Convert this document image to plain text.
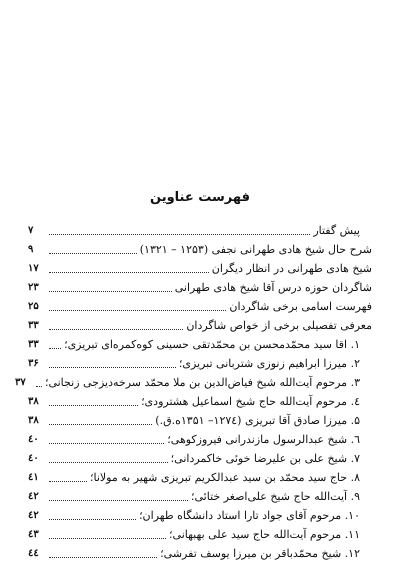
فهرست عناوین
پیش گفتار
۷
شرح حال شیخ هادی طهرانی نجفی (۱۲۵۳ – ۱۳۲۱)
۹
شیخ هادی طهرانی در انظار دیگران
۱۷
شاگردان حوزه درس آقا شیخ هادی طهرانی
۲۳
فهرست اسامی برخی شاگردان
۲۵
معرفی تفصیلی برخی از خواص شاگردان
۳۳
۱. اقا سید محمّدمحسن بن محمّدتقی حسینی کوه‌کمره‌ای تبریزی؛
۳۳
۲. میرزا ابراهیم زنوزی شتربانی تبریزی؛
۳۶
۳. مرحوم آیت‌الله شیخ فیاض‌الدین بن ملا محمّد سرخه‌دیزجی زنجانی؛
۳۷
٤. مرحوم آیت‌الله حاج شیخ اسماعیل هشترودی؛
۳۸
۵. میرزا صادق آقا تبریزی (۱۲۷٤– ۱۳۵۱ه.ق.)
۳۸
٦. شیخ عبدالرسول مازندرانی فیروزکوهی؛
٤۰
۷. شیخ علی بن علیرضا خوئی خاکمردانی؛
٤۰
۸. حاج سید محمّد بن سید عبدالکریم تبریزی شهیر به مولانا؛
٤۱
۹. آیت‌الله حاج شیخ علی‌اصغر ختائی؛
٤۲
۱۰. مرحوم آقای جواد تارا استاد دانشگاه طهران؛
٤۲
۱۱. مرحوم آیت‌الله حاج سید علی بهبهانی؛
٤۳
۱۲. شیخ محمّدباقر بن میرزا یوسف تفرشی؛
٤٤
